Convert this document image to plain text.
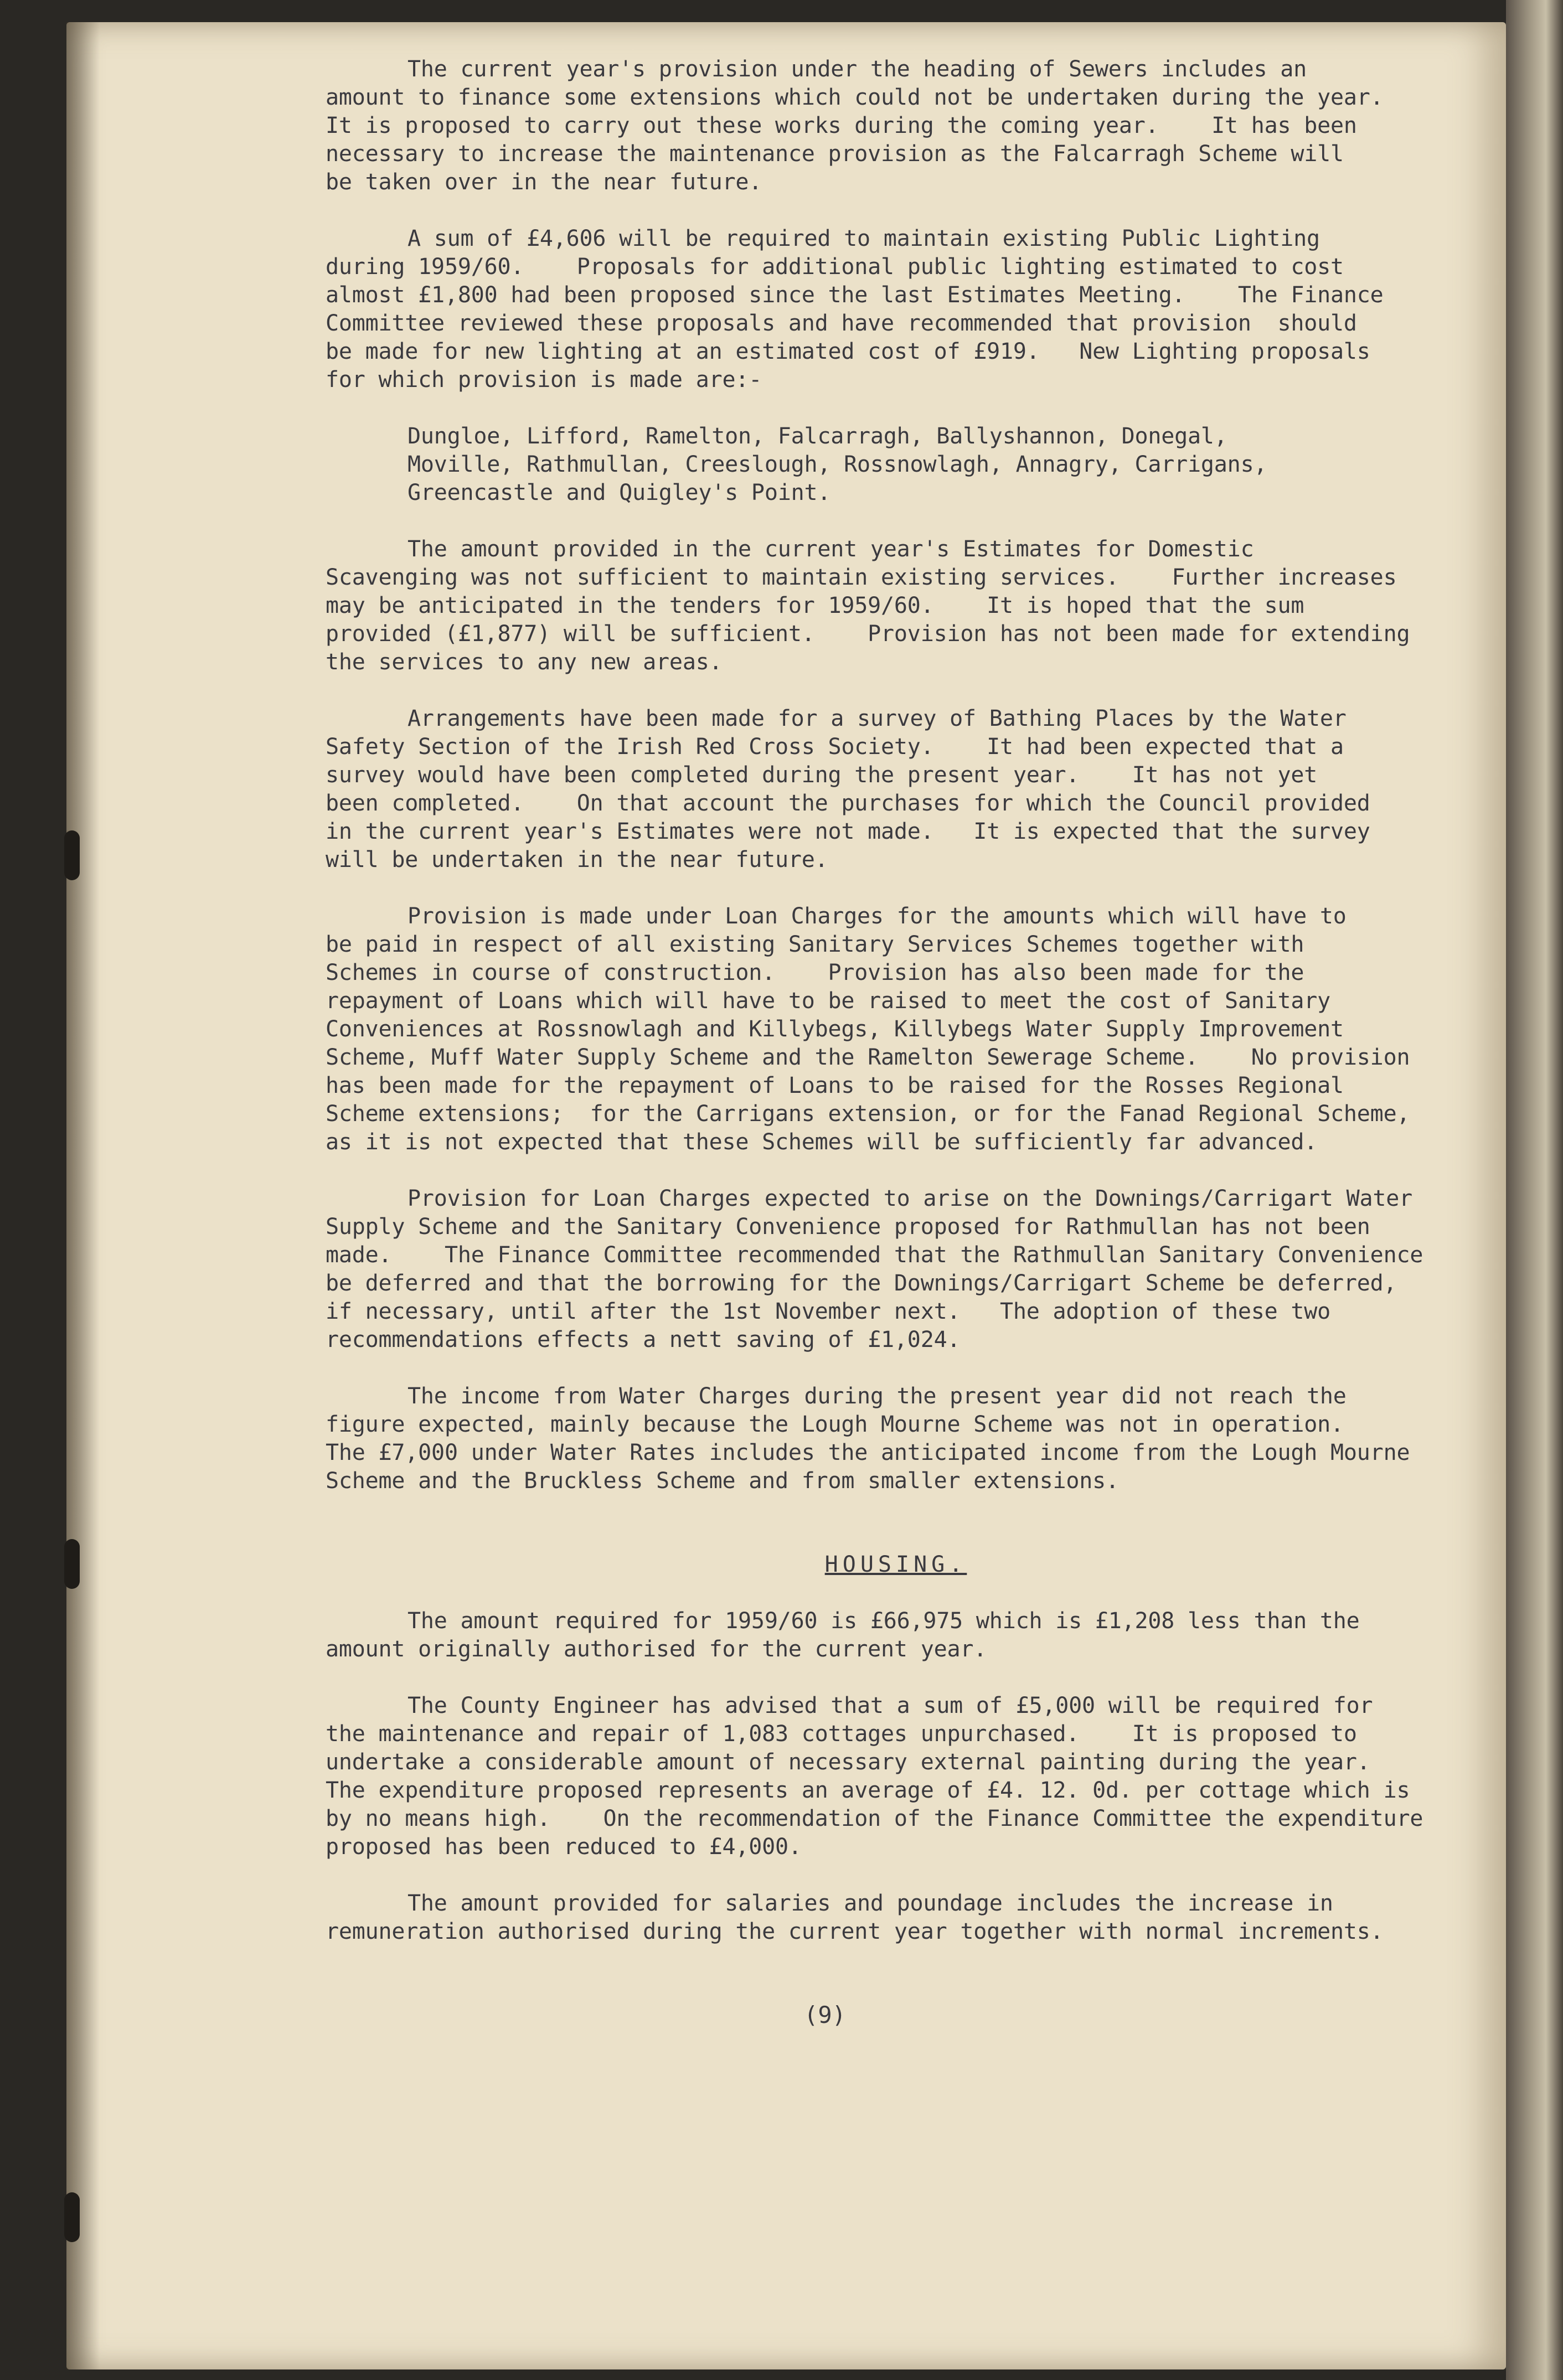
The current year's provision under the heading of Sewers includes an
amount to finance some extensions which could not be undertaken during the year.
It is proposed to carry out these works during the coming year.    It has been
necessary to increase the maintenance provision as the Falcarragh Scheme will
be taken over in the near future.
A sum of £4,606 will be required to maintain existing Public Lighting
during 1959/60.    Proposals for additional public lighting estimated to cost
almost £1,800 had been proposed since the last Estimates Meeting.    The Finance
Committee reviewed these proposals and have recommended that provision  should
be made for new lighting at an estimated cost of £919.   New Lighting proposals
for which provision is made are:-
Dungloe, Lifford, Ramelton, Falcarragh, Ballyshannon, Donegal,
Moville, Rathmullan, Creeslough, Rossnowlagh, Annagry, Carrigans,
Greencastle and Quigley's Point.
The amount provided in the current year's Estimates for Domestic
Scavenging was not sufficient to maintain existing services.    Further increases
may be anticipated in the tenders for 1959/60.    It is hoped that the sum
provided (£1,877) will be sufficient.    Provision has not been made for extending
the services to any new areas.
Arrangements have been made for a survey of Bathing Places by the Water
Safety Section of the Irish Red Cross Society.    It had been expected that a
survey would have been completed during the present year.    It has not yet
been completed.    On that account the purchases for which the Council provided
in the current year's Estimates were not made.   It is expected that the survey
will be undertaken in the near future.
Provision is made under Loan Charges for the amounts which will have to
be paid in respect of all existing Sanitary Services Schemes together with
Schemes in course of construction.    Provision has also been made for the
repayment of Loans which will have to be raised to meet the cost of Sanitary
Conveniences at Rossnowlagh and Killybegs, Killybegs Water Supply Improvement
Scheme, Muff Water Supply Scheme and the Ramelton Sewerage Scheme.    No provision
has been made for the repayment of Loans to be raised for the Rosses Regional
Scheme extensions;  for the Carrigans extension, or for the Fanad Regional Scheme,
as it is not expected that these Schemes will be sufficiently far advanced.
Provision for Loan Charges expected to arise on the Downings/Carrigart Water
Supply Scheme and the Sanitary Convenience proposed for Rathmullan has not been
made.    The Finance Committee recommended that the Rathmullan Sanitary Convenience
be deferred and that the borrowing for the Downings/Carrigart Scheme be deferred,
if necessary, until after the 1st November next.   The adoption of these two
recommendations effects a nett saving of £1,024.
The income from Water Charges during the present year did not reach the
figure expected, mainly because the Lough Mourne Scheme was not in operation.
The £7,000 under Water Rates includes the anticipated income from the Lough Mourne
Scheme and the Bruckless Scheme and from smaller extensions.
HOUSING.
The amount required for 1959/60 is £66,975 which is £1,208 less than the
amount originally authorised for the current year.
The County Engineer has advised that a sum of £5,000 will be required for
the maintenance and repair of 1,083 cottages unpurchased.    It is proposed to
undertake a considerable amount of necessary external painting during the year.
The expenditure proposed represents an average of £4. 12. 0d. per cottage which is
by no means high.    On the recommendation of the Finance Committee the expenditure
proposed has been reduced to £4,000.
The amount provided for salaries and poundage includes the increase in
remuneration authorised during the current year together with normal increments.
(9)
